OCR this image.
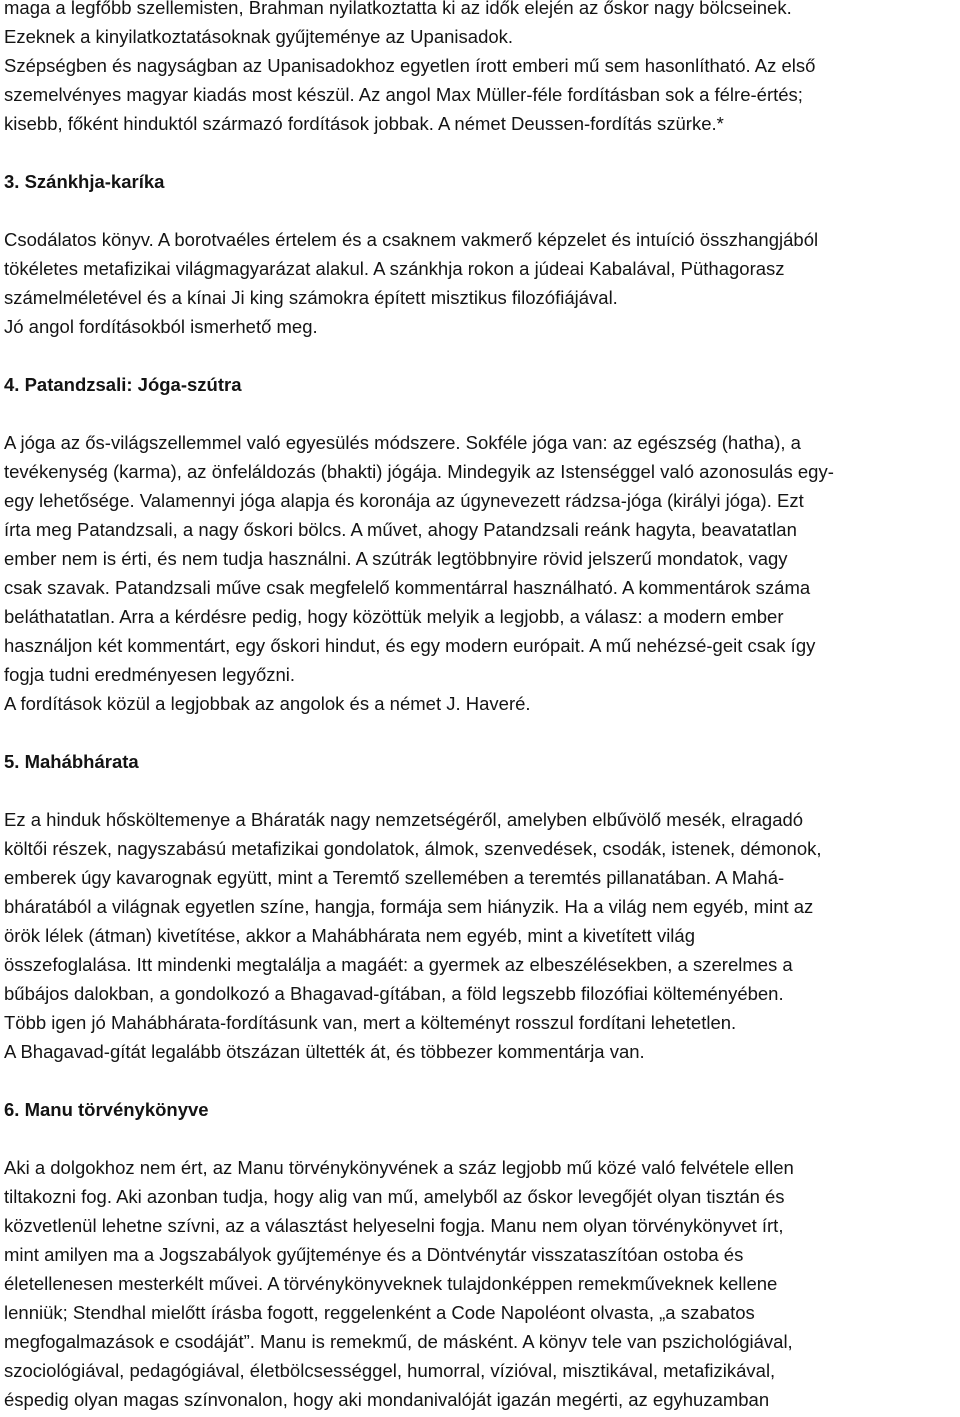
maga a legfőbb szellemisten, Brahman nyilatkoztatta ki az idők elején az őskor nagy bölcseinek.
Ezeknek a kinyilatkoztatásoknak gyűjteménye az Upanisadok.
Szépségben és nagyságban az Upanisadokhoz egyetlen írott emberi mű sem hasonlítható. Az első
szemelvényes magyar kiadás most készül. Az angol Max Müller-féle fordításban sok a félre-értés;
kisebb, főként hinduktól származó fordítások jobbak. A német Deussen-fordítás szürke.*

3. Szánkhja-karíka

Csodálatos könyv. A borotvaéles értelem és a csaknem vakmerő képzelet és intuíció összhangjából
tökéletes metafizikai világmagyarázat alakul. A szánkhja rokon a júdeai Kabalával, Püthagorasz
számelméletével és a kínai Ji king számokra épített misztikus filozófiájával.
Jó angol fordításokból ismerhető meg.

4. Patandzsali: Jóga-szútra

A jóga az ős-világszellemmel való egyesülés módszere. Sokféle jóga van: az egészség (hatha), a
tevékenység (karma), az önfeláldozás (bhakti) jógája. Mindegyik az Istenséggel való azonosulás egy-
egy lehetősége. Valamennyi jóga alapja és koronája az úgynevezett rádzsa-jóga (királyi jóga). Ezt
írta meg Patandzsali, a nagy őskori bölcs. A művet, ahogy Patandzsali reánk hagyta, beavatatlan
ember nem is érti, és nem tudja használni. A szútrák legtöbbnyire rövid jelszerű mondatok, vagy
csak szavak. Patandzsali műve csak megfelelő kommentárral használható. A kommentárok száma
beláthatatlan. Arra a kérdésre pedig, hogy közöttük melyik a legjobb, a válasz: a modern ember
használjon két kommentárt, egy őskori hindut, és egy modern európait. A mű nehézsé-geit csak így
fogja tudni eredményesen legyőzni.
A fordítások közül a legjobbak az angolok és a német J. Haveré.

5. Mahábhárata

Ez a hinduk hősköltemenye a Bháraták nagy nemzetségéről, amelyben elbűvölő mesék, elragadó
költői részek, nagyszabású metafizikai gondolatok, álmok, szenvedések, csodák, istenek, démonok,
emberek úgy kavarognak együtt, mint a Teremtő szellemében a teremtés pillanatában. A Mahá-
bháratából a világnak egyetlen színe, hangja, formája sem hiányzik. Ha a világ nem egyéb, mint az
örök lélek (átman) kivetítése, akkor a Mahábhárata nem egyéb, mint a kivetített világ
összefoglalása. Itt mindenki megtalálja a magáét: a gyermek az elbeszélésekben, a szerelmes a
bűbájos dalokban, a gondolkozó a Bhagavad-gítában, a föld legszebb filozófiai költeményében.
Több igen jó Mahábhárata-fordításunk van, mert a költeményt rosszul fordítani lehetetlen.
A Bhagavad-gítát legalább ötszázan ültették át, és többezer kommentárja van.

6. Manu törvénykönyve

Aki a dolgokhoz nem ért, az Manu törvénykönyvének a száz legjobb mű közé való felvétele ellen
tiltakozni fog. Aki azonban tudja, hogy alig van mű, amelyből az őskor levegőjét olyan tisztán és
közvetlenül lehetne szívni, az a választást helyeselni fogja. Manu nem olyan törvénykönyvet írt,
mint amilyen ma a Jogszabályok gyűjteménye és a Döntvénytár visszataszítóan ostoba és
életellenesen mesterkélt művei. A törvénykönyveknek tulajdonképpen remekműveknek kellene
lenniük; Stendhal mielőtt írásba fogott, reggelenként a Code Napoléont olvasta, „a szabatos
megfogalmazások e csodáját”. Manu is remekmű, de másként. A könyv tele van pszichológiával,
szociológiával, pedagógiával, életbölcsességgel, humorral, vízióval, misztikával, metafizikával,
éspedig olyan magas színvonalon, hogy aki mondanivalóját igazán megérti, az egyhuzamban
